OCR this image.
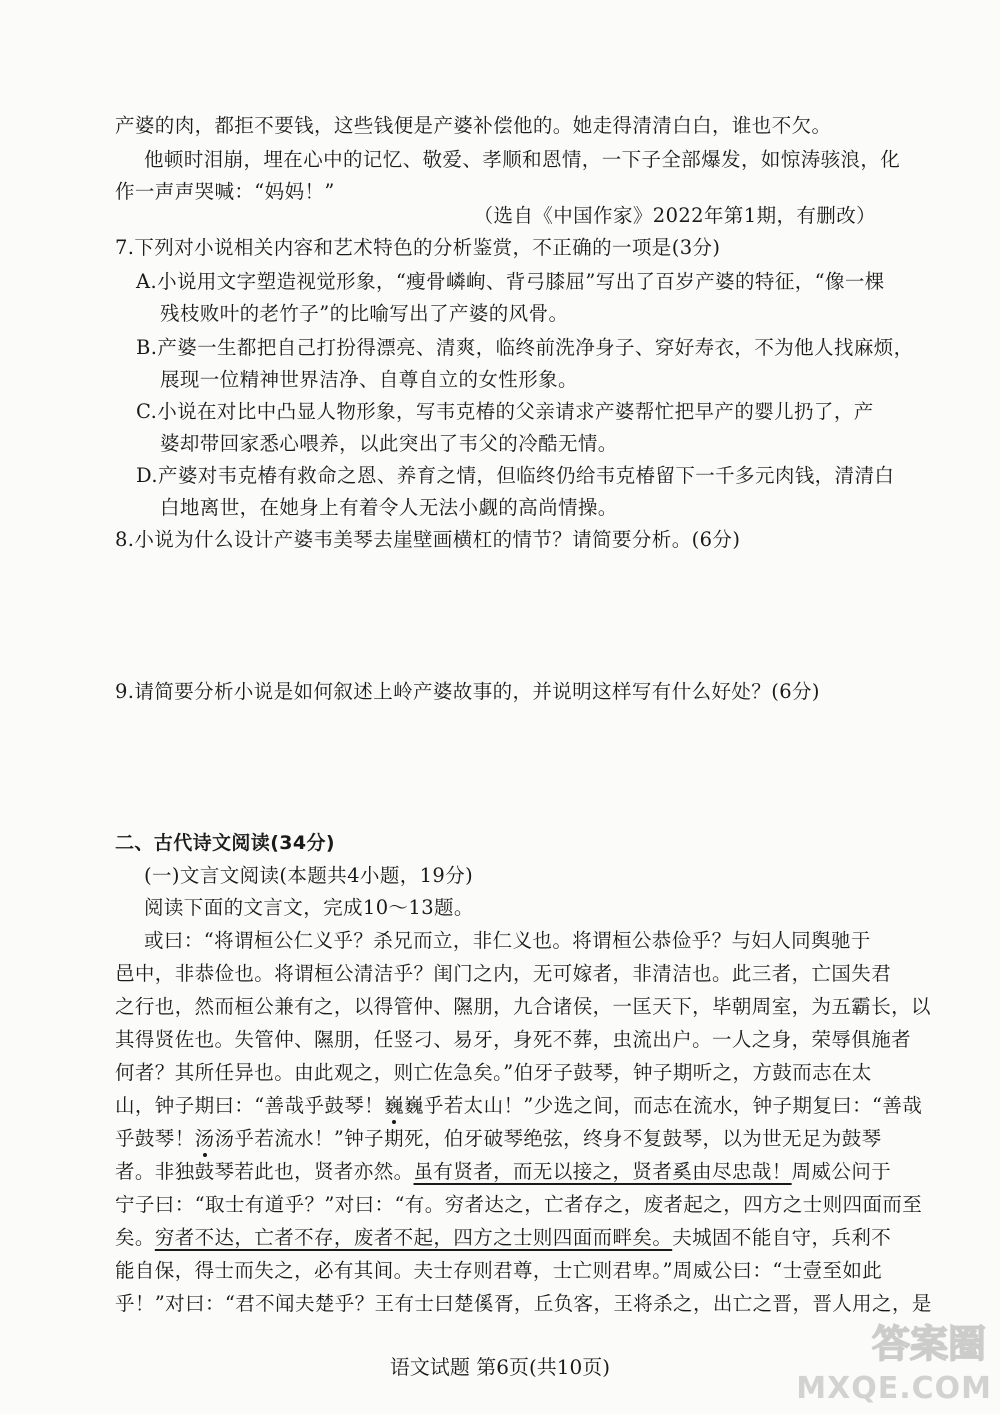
产婆的肉，都拒不要钱，这些钱便是产婆补偿他的。她走得清清白白，谁也不欠。
他顿时泪崩，埋在心中的记忆、敬爱、孝顺和恩情，一下子全部爆发，如惊涛骇浪，化
作一声声哭喊：“妈妈！”
（选自《中国作家》2022年第1期，有删改）
7.下列对小说相关内容和艺术特色的分析鉴赏，不正确的一项是(3分)
A.小说用文字塑造视觉形象，“瘦骨嶙峋、背弓膝屈”写出了百岁产婆的特征，“像一棵
残枝败叶的老竹子”的比喻写出了产婆的风骨。
B.产婆一生都把自己打扮得漂亮、清爽，临终前洗净身子、穿好寿衣，不为他人找麻烦，
展现一位精神世界洁净、自尊自立的女性形象。
C.小说在对比中凸显人物形象，写韦克椿的父亲请求产婆帮忙把早产的婴儿扔了，产
婆却带回家悉心喂养，以此突出了韦父的冷酷无情。
D.产婆对韦克椿有救命之恩、养育之情，但临终仍给韦克椿留下一千多元肉钱，清清白
白地离世，在她身上有着令人无法小觑的高尚情操。
8.小说为什么设计产婆韦美琴去崖壁画横杠的情节？请简要分析。(6分)
9.请简要分析小说是如何叙述上岭产婆故事的，并说明这样写有什么好处？(6分)
二、古代诗文阅读(34分)
(一)文言文阅读(本题共4小题，19分)
阅读下面的文言文，完成10～13题。
或曰：“将谓桓公仁义乎？杀兄而立，非仁义也。将谓桓公恭俭乎？与妇人同舆驰于
邑中，非恭俭也。将谓桓公清洁乎？闺门之内，无可嫁者，非清洁也。此三者，亡国失君
之行也，然而桓公兼有之，以得管仲、隰朋，九合诸侯，一匡天下，毕朝周室，为五霸长，以
其得贤佐也。失管仲、隰朋，任竖刁、易牙，身死不葬，虫流出户。一人之身，荣辱俱施者
何者？其所任异也。由此观之，则亡佐急矣。”伯牙子鼓琴，钟子期听之，方鼓而志在太
山，钟子期曰：“善哉乎鼓琴！巍巍乎若太山！”少选之间，而志在流水，钟子期复曰：“善哉
乎鼓琴！汤汤乎若流水！”钟子期死，伯牙破琴绝弦，终身不复鼓琴，以为世无足为鼓琴
者。非独鼓琴若此也，贤者亦然。虽有贤者，而无以接之，贤者奚由尽忠哉！周威公问于
宁子曰：“取士有道乎？”对曰：“有。穷者达之，亡者存之，废者起之，四方之士则四面而至
矣。穷者不达，亡者不存，废者不起，四方之士则四面而畔矣。夫城固不能自守，兵利不
能自保，得士而失之，必有其间。夫士存则君尊，士亡则君卑。”周威公曰：“士壹至如此
乎！”对曰：“君不闻夫楚乎？王有士曰楚傒胥，丘负客，王将杀之，出亡之晋，晋人用之，是
语文试题 第6页(共10页)
答案圈
MXQE.COM
